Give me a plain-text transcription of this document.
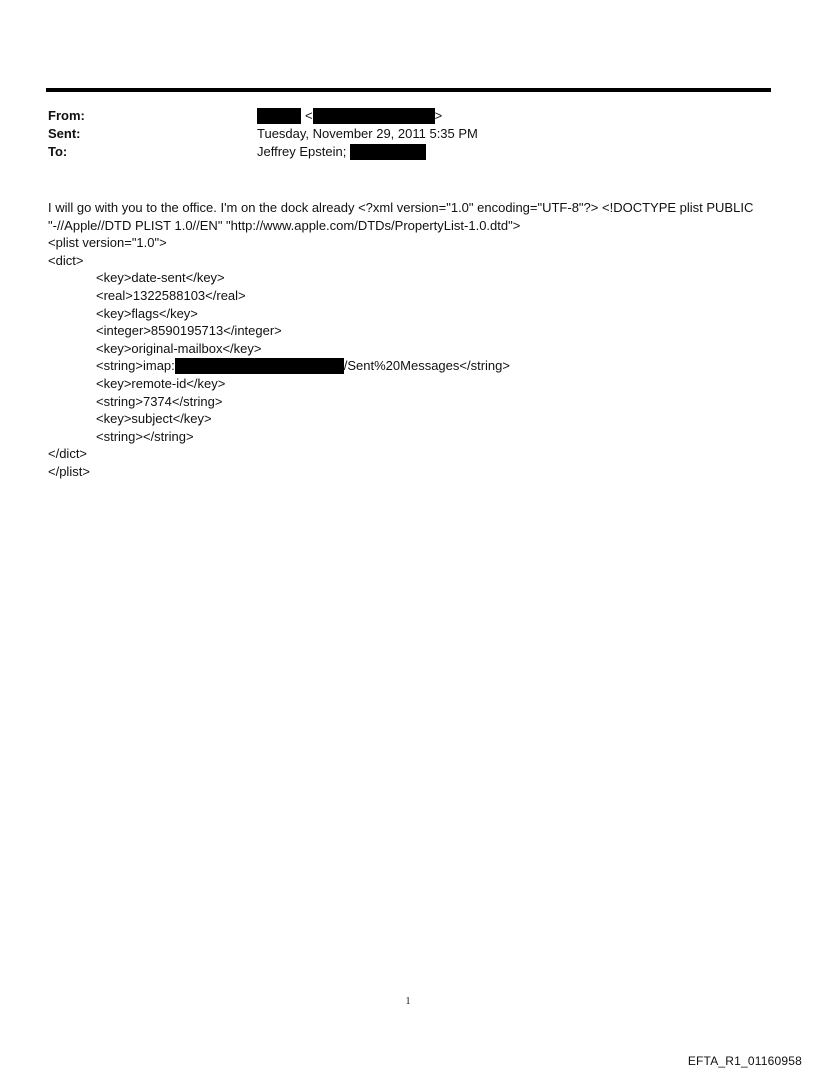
From:	<	>
Sent:	Tuesday, November 29, 2011 5:35 PM
To:	Jeffrey Epstein;
I will go with you to the office. I'm on the dock already <?xml version="1.0" encoding="UTF-8"?> <!DOCTYPE plist PUBLIC
"-//Apple//DTD PLIST 1.0//EN" "http://www.apple.com/DTDs/PropertyList-1.0.dtd">
<plist version="1.0">
<dict>
<key>date-sent</key>
<real>1322588103</real>
<key>flags</key>
<integer>8590195713</integer>
<key>original-mailbox</key>
<string>imap:	/Sent%20Messages</string>
<key>remote-id</key>
<string>7374</string>
<key>subject</key>
<string></string>
</dict>
</plist>
1
EFTA_R1_01160958
